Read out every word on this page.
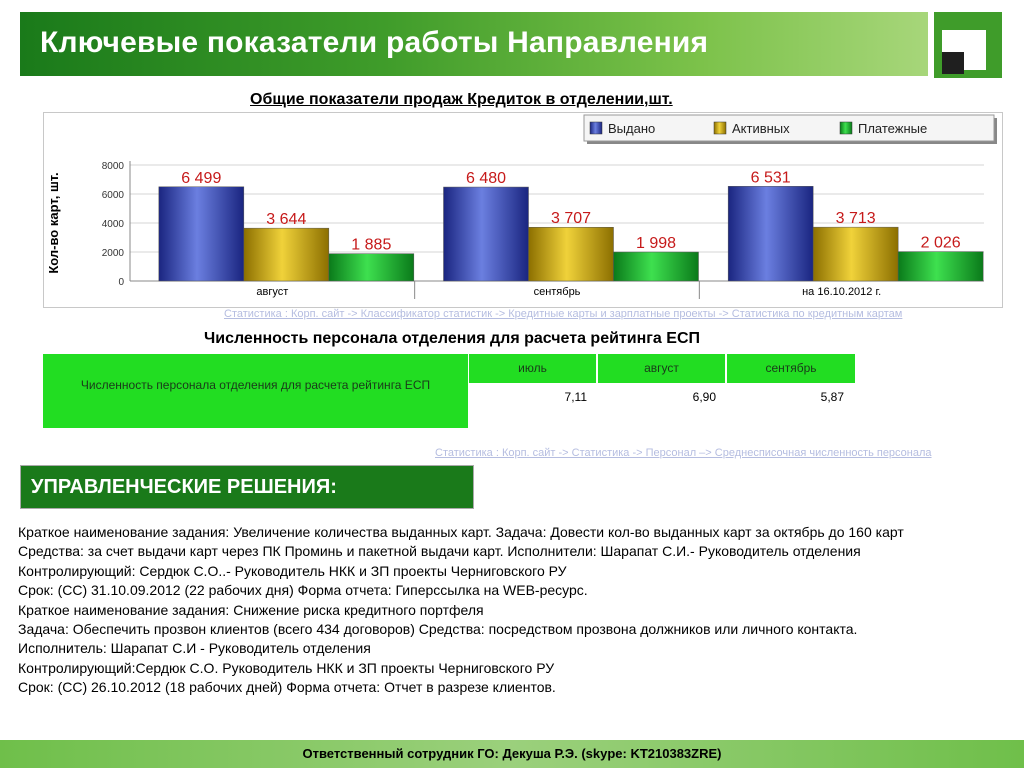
Ключевые показатели работы Направления
Общие показатели продаж Кредиток в отделении,шт.
Кол-во карт, шт.
0
2000
4000
6000
8000
6 499
3 644
1 885
август
6 480
3 707
1 998
сентябрь
6 531
3 713
2 026
на 16.10.2012 г.
Выдано	Активных	Платежные
Статистика : Корп. сайт -> Классификатор статистик -> Кредитные карты и зарплатные проекты -> Статистика по кредитным картам
Численность персонала отделения для расчета рейтинга ЕСП
Численность персонала отделения для расчета рейтинга ЕСП
июль	август	сентябрь
7,11	6,90	5,87
Статистика : Корп. сайт -> Статистика -> Персонал –> Среднесписочная численность персонала
УПРАВЛЕНЧЕСКИЕ РЕШЕНИЯ:
Краткое наименование задания: Увеличение количества выданных карт. Задача: Довести кол-во выданных карт за октябрь до 160 карт
Средства: за счет выдачи карт через ПК Проминь и пакетной выдачи карт. Исполнители: Шарапат С.И.- Руководитель отделения
Контролирующий: Сердюк С.О..- Руководитель НКК и ЗП проекты Черниговского РУ
Срок: (СС) 31.10.09.2012 (22 рабочих дня) Форма отчета: Гиперссылка на WEB-ресурс.
Краткое наименование задания: Снижение риска кредитного портфеля
Задача: Обеспечить прозвон клиентов (всего 434 договоров) Средства: посредством прозвона должников или личного контакта.
Исполнитель: Шарапат С.И - Руководитель отделения
Контролирующий:Сердюк С.О. Руководитель НКК и ЗП проекты Черниговского РУ
Срок: (СС) 26.10.2012 (18 рабочих дней) Форма отчета: Отчет в разрезе клиентов.
Ответственный сотрудник ГО: Декуша Р.Э. (skype: KT210383ZRE)
